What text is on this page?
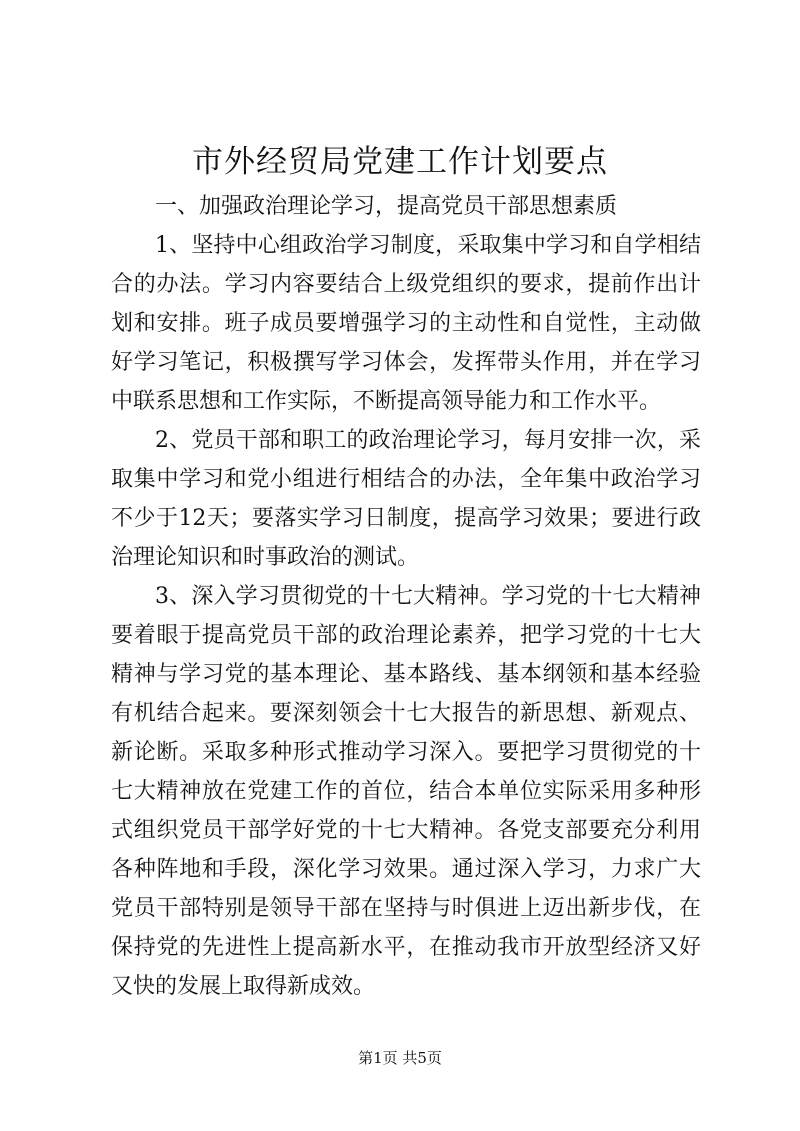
市外经贸局党建工作计划要点

一、加强政治理论学习，提高党员干部思想素质

1、坚持中心组政治学习制度，采取集中学习和自学相结合的办法。学习内容要结合上级党组织的要求，提前作出计划和安排。班子成员要增强学习的主动性和自觉性，主动做好学习笔记，积极撰写学习体会，发挥带头作用，并在学习中联系思想和工作实际，不断提高领导能力和工作水平。

2、党员干部和职工的政治理论学习，每月安排一次，采取集中学习和党小组进行相结合的办法，全年集中政治学习不少于12天；要落实学习日制度，提高学习效果；要进行政治理论知识和时事政治的测试。

3、深入学习贯彻党的十七大精神。学习党的十七大精神要着眼于提高党员干部的政治理论素养，把学习党的十七大精神与学习党的基本理论、基本路线、基本纲领和基本经验有机结合起来。要深刻领会十七大报告的新思想、新观点、新论断。采取多种形式推动学习深入。要把学习贯彻党的十七大精神放在党建工作的首位，结合本单位实际采用多种形式组织党员干部学好党的十七大精神。各党支部要充分利用各种阵地和手段，深化学习效果。通过深入学习，力求广大党员干部特别是领导干部在坚持与时俱进上迈出新步伐，在保持党的先进性上提高新水平，在推动我市开放型经济又好又快的发展上取得新成效。

第1页 共5页
